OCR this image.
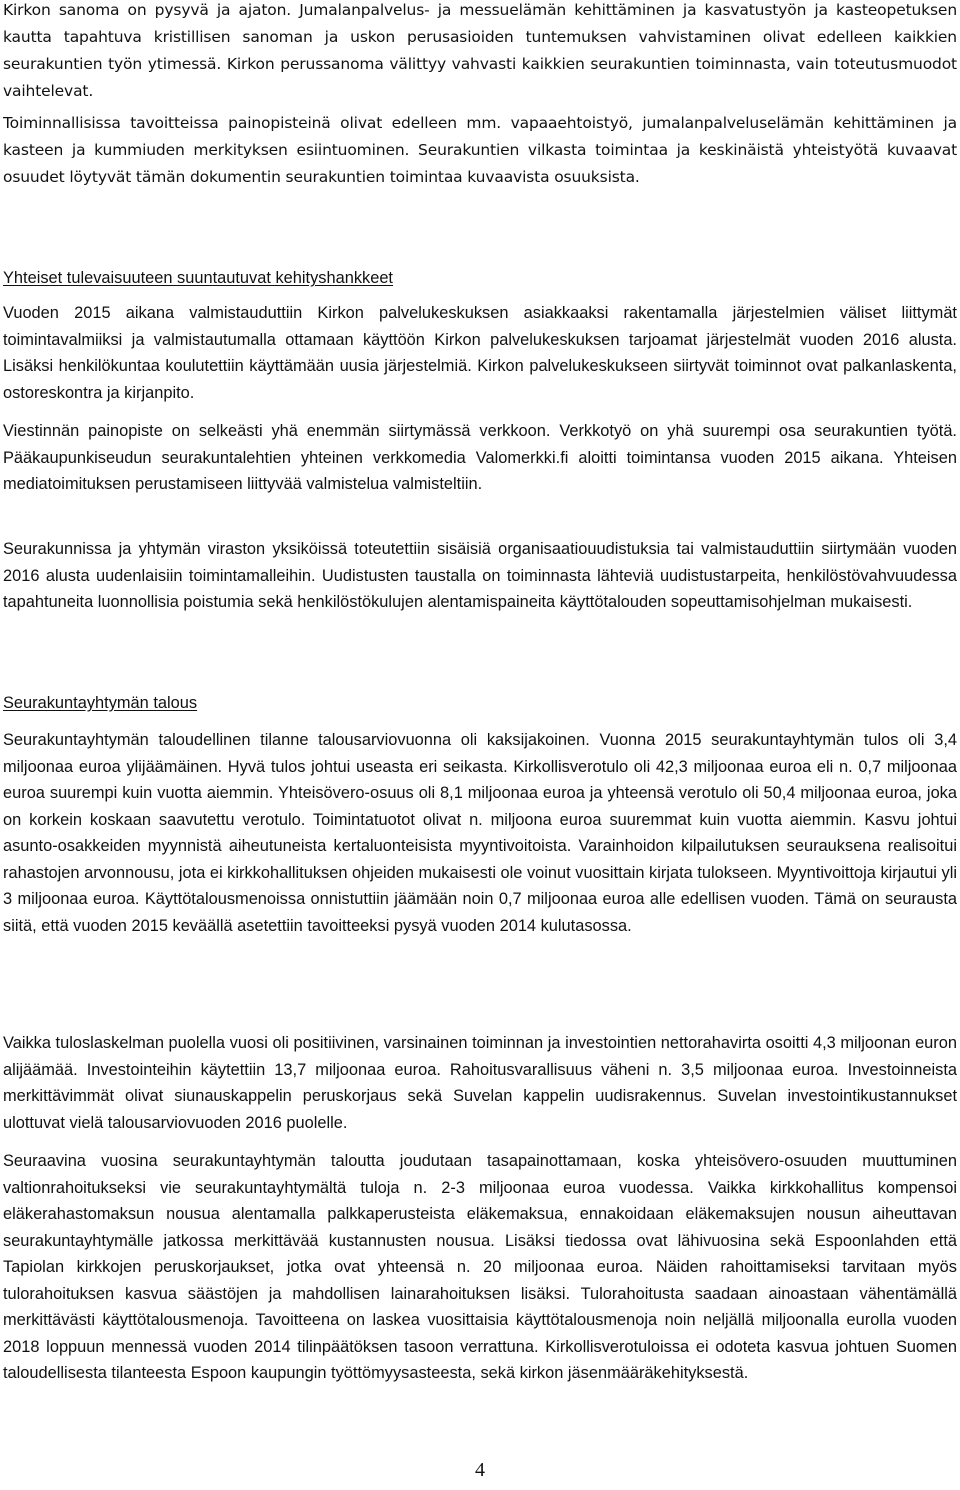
Kirkon sanoma on pysyvä ja ajaton. Jumalanpalvelus- ja messuelämän kehittäminen ja kasvatustyön ja kasteopetuksen kautta tapahtuva kristillisen sanoman ja uskon perusasioiden tuntemuksen vahvistaminen olivat edelleen kaikkien seurakuntien työn ytimessä. Kirkon perussanoma välittyy vahvasti kaikkien seurakuntien toiminnasta, vain toteutusmuodot vaihtelevat.

Toiminnallisissa tavoitteissa painopisteinä olivat edelleen mm. vapaaehtoistyö, jumalanpalveluselämän kehittäminen ja kasteen ja kummiuden merkityksen esiintuominen. Seurakuntien vilkasta toimintaa ja keskinäistä yhteistyötä kuvaavat osuudet löytyvät tämän dokumentin seurakuntien toimintaa kuvaavista osuuksista.

Yhteiset tulevaisuuteen suuntautuvat kehityshankkeet

Vuoden 2015 aikana valmistauduttiin Kirkon palvelukeskuksen asiakkaaksi rakentamalla järjestelmien väliset liittymät toimintavalmiiksi ja valmistautumalla ottamaan käyttöön Kirkon palvelukeskuksen tarjoamat järjestelmät vuoden 2016 alusta. Lisäksi henkilökuntaa koulutettiin käyttämään uusia järjestelmiä. Kirkon palvelukeskukseen siirtyvät toiminnot ovat palkanlaskenta, ostoreskontra ja kirjanpito.

Viestinnän painopiste on selkeästi yhä enemmän siirtymässä verkkoon. Verkkotyö on yhä suurempi osa seurakuntien työtä. Pääkaupunkiseudun seurakuntalehtien yhteinen verkkomedia Valomerkki.fi aloitti toimintansa vuoden 2015 aikana. Yhteisen mediatoimituksen perustamiseen liittyvää valmistelua valmisteltiin.

Seurakunnissa ja yhtymän viraston yksiköissä toteutettiin sisäisiä organisaatiouudistuksia tai valmistauduttiin siirtymään vuoden 2016 alusta uudenlaisiin toimintamalleihin. Uudistusten taustalla on toiminnasta lähteviä uudistustarpeita, henkilöstövahvuudessa tapahtuneita luonnollisia poistumia sekä henkilöstökulujen alentamispaineita käyttötalouden sopeuttamisohjelman mukaisesti.

Seurakuntayhtymän talous

Seurakuntayhtymän taloudellinen tilanne talousarviovuonna oli kaksijakoinen. Vuonna 2015 seurakuntayhtymän tulos oli 3,4 miljoonaa euroa ylijäämäinen. Hyvä tulos johtui useasta eri seikasta. Kirkollisverotulo oli 42,3 miljoonaa euroa eli n. 0,7 miljoonaa euroa suurempi kuin vuotta aiemmin. Yhteisövero-osuus oli 8,1 miljoonaa euroa ja yhteensä verotulo oli 50,4 miljoonaa euroa, joka on korkein koskaan saavutettu verotulo. Toimintatuotot olivat n. miljoona euroa suuremmat kuin vuotta aiemmin. Kasvu johtui asunto-osakkeiden myynnistä aiheutuneista kertaluonteisista myyntivoitoista. Varainhoidon kilpailutuksen seurauksena realisoitui rahastojen arvonnousu, jota ei kirkkohallituksen ohjeiden mukaisesti ole voinut vuosittain kirjata tulokseen. Myyntivoittoja kirjautui yli 3 miljoonaa euroa. Käyttötalousmenoissa onnistuttiin jäämään noin 0,7 miljoonaa euroa alle edellisen vuoden. Tämä on seurausta siitä, että vuoden 2015 keväällä asetettiin tavoitteeksi pysyä vuoden 2014 kulutasossa.

Vaikka tuloslaskelman puolella vuosi oli positiivinen, varsinainen toiminnan ja investointien nettorahavirta osoitti 4,3 miljoonan euron alijäämää. Investointeihin käytettiin 13,7 miljoonaa euroa. Rahoitusvarallisuus väheni n. 3,5 miljoonaa euroa. Investoinneista merkittävimmät olivat siunauskappelin peruskorjaus sekä Suvelan kappelin uudisrakennus. Suvelan investointikustannukset ulottuvat vielä talousarviovuoden 2016 puolelle.

Seuraavina vuosina seurakuntayhtymän taloutta joudutaan tasapainottamaan, koska yhteisövero-osuuden muuttuminen valtionrahoitukseksi vie seurakuntayhtymältä tuloja n. 2-3 miljoonaa euroa vuodessa. Vaikka kirkkohallitus kompensoi eläkerahastomaksun nousua alentamalla palkkaperusteista eläkemaksua, ennakoidaan eläkemaksujen nousun aiheuttavan seurakuntayhtymälle jatkossa merkittävää kustannusten nousua. Lisäksi tiedossa ovat lähivuosina sekä Espoonlahden että Tapiolan kirkkojen peruskorjaukset, jotka ovat yhteensä n. 20 miljoonaa euroa. Näiden rahoittamiseksi tarvitaan myös tulorahoituksen kasvua säästöjen ja mahdollisen lainarahoituksen lisäksi. Tulorahoitusta saadaan ainoastaan vähentämällä merkittävästi käyttötalousmenoja. Tavoitteena on laskea vuosittaisia käyttötalousmenoja noin neljällä miljoonalla eurolla vuoden 2018 loppuun mennessä vuoden 2014 tilinpäätöksen tasoon verrattuna. Kirkollisverotuloissa ei odoteta kasvua johtuen Suomen taloudellisesta tilanteesta Espoon kaupungin työttömyysasteesta, sekä kirkon jäsenmääräkehityksestä.

4
